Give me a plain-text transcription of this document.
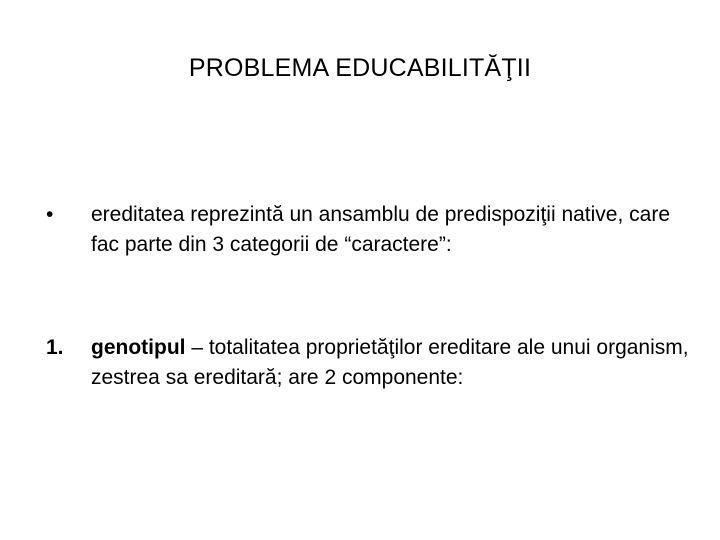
PROBLEMA EDUCABILITĂŢII
•	ereditatea reprezintă un ansamblu de predispoziţii native, care fac parte din 3 categorii de “caractere”:
1.	genotipul – totalitatea proprietăţilor ereditare ale unui organism, zestrea sa ereditară; are 2 componente:
